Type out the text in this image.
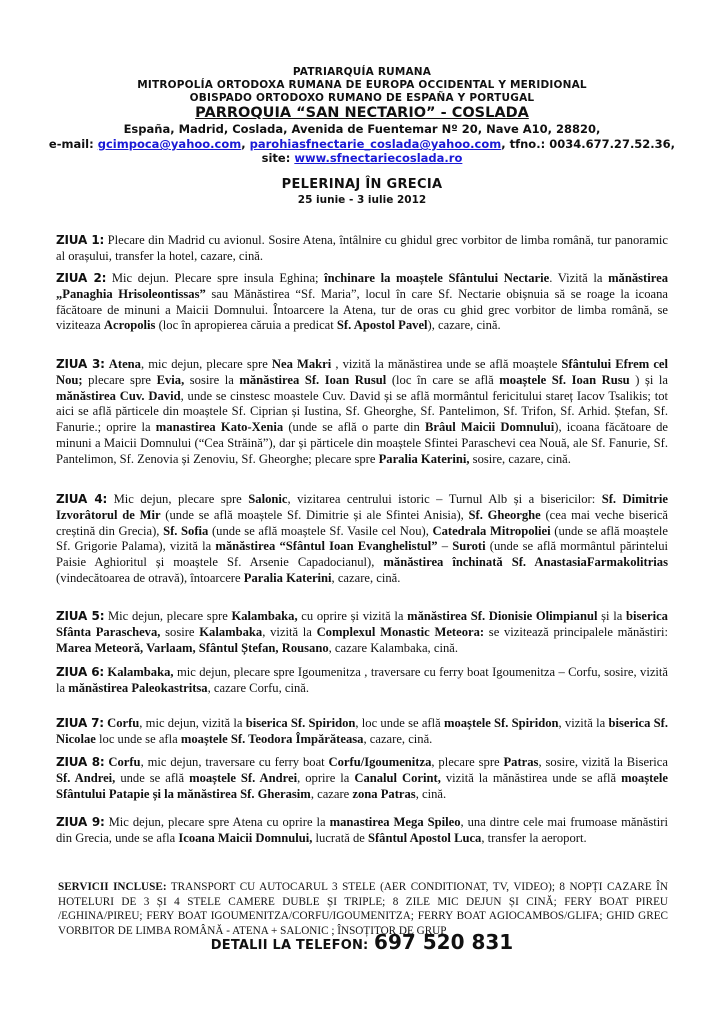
PATRIARQUÍA RUMANA
MITROPOLÍA ORTODOXA RUMANA DE EUROPA OCCIDENTAL Y MERIDIONAL
OBISPADO ORTODOXO RUMANO DE ESPAÑA Y PORTUGAL
PARROQUIA “SAN NECTARIO” - COSLADA
España, Madrid, Coslada, Avenida de Fuentemar Nº 20, Nave A10, 28820,
e-mail: gcimpoca@yahoo.com, parohiasfnectarie_coslada@yahoo.com, tfno.: 0034.677.27.52.36,
site: www.sfnectariecoslada.ro
PELERINAJ ÎN GRECIA
25 iunie - 3 iulie 2012
ZIUA 1: Plecare din Madrid cu avionul. Sosire Atena, întâlnire cu ghidul grec vorbitor de limba română, tur panoramic al orașului, transfer la hotel, cazare, cină.
ZIUA 2: Mic dejun. Plecare spre insula Eghina; închinare la moaștele Sfântului Nectarie. Vizită la mănăstirea „Panaghia Hrisoleontissas” sau Mănăstirea “Sf. Maria”, locul în care Sf. Nectarie obișnuia să se roage la icoana făcătoare de minuni a Maicii Domnului. Întoarcere la Atena, tur de oras cu ghid grec vorbitor de limba română, se viziteaza Acropolis (loc în apropierea căruia a predicat Sf. Apostol Pavel), cazare, cină.
ZIUA 3: Atena, mic dejun, plecare spre Nea Makri , vizită la mănăstirea unde se află moaștele Sfântului Efrem cel Nou; plecare spre Evia, sosire la mănăstirea Sf. Ioan Rusul (loc în care se află moaștele Sf. Ioan Rusu ) și la mănăstirea Cuv. David, unde se cinstesc moastele Cuv. David și se află mormântul fericitului stareț Iacov Tsalikis; tot aici se află părticele din moaștele Sf. Ciprian și Iustina, Sf. Gheorghe, Sf. Pantelimon, Sf. Trifon, Sf. Arhid. Ștefan, Sf. Fanurie.; oprire la manastirea Kato-Xenia (unde se află o parte din Brâul Maicii Domnului), icoana făcătoare de minuni a Maicii Domnului (“Cea Străină”), dar și părticele din moaștele Sfintei Paraschevi cea Nouă, ale Sf. Fanurie, Sf. Pantelimon, Sf. Zenovia și Zenoviu, Sf. Gheorghe; plecare spre Paralia Katerini, sosire, cazare, cină.
ZIUA 4: Mic dejun, plecare spre Salonic, vizitarea centrului istoric – Turnul Alb și a bisericilor: Sf. Dimitrie Izvorâtorul de Mir (unde se află moaștele Sf. Dimitrie și ale Sfintei Anisia), Sf. Gheorghe (cea mai veche biserică creștină din Grecia), Sf. Sofia (unde se află moaștele Sf. Vasile cel Nou), Catedrala Mitropoliei (unde se află moaștele Sf. Grigorie Palama), vizită la mănăstirea “Sfântul Ioan Evanghelistul” – Suroti (unde se află mormântul părintelui Paisie Aghioritul și moaștele Sf. Arsenie Capadocianul), mănăstirea închinată Sf. AnastasiaFarmakolitrias (vindecătoarea de otravă), întoarcere Paralia Katerini, cazare, cină.
ZIUA 5: Mic dejun, plecare spre Kalambaka, cu oprire și vizită la mănăstirea Sf. Dionisie Olimpianul și la biserica Sfânta Parascheva, sosire Kalambaka, vizită la Complexul Monastic Meteora: se vizitează principalele mănăstiri: Marea Meteoră, Varlaam, Sfântul Ștefan, Rousano, cazare Kalambaka, cină.
ZIUA 6: Kalambaka, mic dejun, plecare spre Igoumenitza , traversare cu ferry boat Igoumenitza – Corfu, sosire, vizită la mănăstirea Paleokastritsa, cazare Corfu, cină.
ZIUA 7: Corfu, mic dejun, vizită la biserica Sf. Spiridon, loc unde se află moaștele Sf. Spiridon, vizită la biserica Sf. Nicolae loc unde se afla moaștele Sf. Teodora Împărăteasa, cazare, cină.
ZIUA 8: Corfu, mic dejun, traversare cu ferry boat Corfu/Igoumenitza, plecare spre Patras, sosire, vizită la Biserica Sf. Andrei, unde se află moaștele Sf. Andrei, oprire la Canalul Corint, vizită la mănăstirea unde se află moaștele Sfântului Patapie și la mănăstirea Sf. Gherasim, cazare zona Patras, cină.
ZIUA 9: Mic dejun, plecare spre Atena cu oprire la manastirea Mega Spileo, una dintre cele mai frumoase mănăstiri din Grecia, unde se afla Icoana Maicii Domnului, lucrată de Sfântul Apostol Luca, transfer la aeroport.
SERVICII INCLUSE: TRANSPORT CU AUTOCARUL 3 STELE (AER CONDITIONAT, TV, VIDEO); 8 NOPȚI CAZARE ÎN HOTELURI DE 3 ȘI 4 STELE CAMERE DUBLE ȘI TRIPLE; 8 ZILE MIC DEJUN ȘI CINĂ; FERY BOAT PIREU /EGHINA/PIREU; FERY BOAT IGOUMENITZA/CORFU/IGOUMENITZA; FERRY BOAT AGIOCAMBOS/GLIFA; GHID GREC VORBITOR DE LIMBA ROMÂNĂ - ATENA + SALONIC ; ÎNSOȚITOR DE GRUP
DETALII LA TELEFON: 697 520 831
